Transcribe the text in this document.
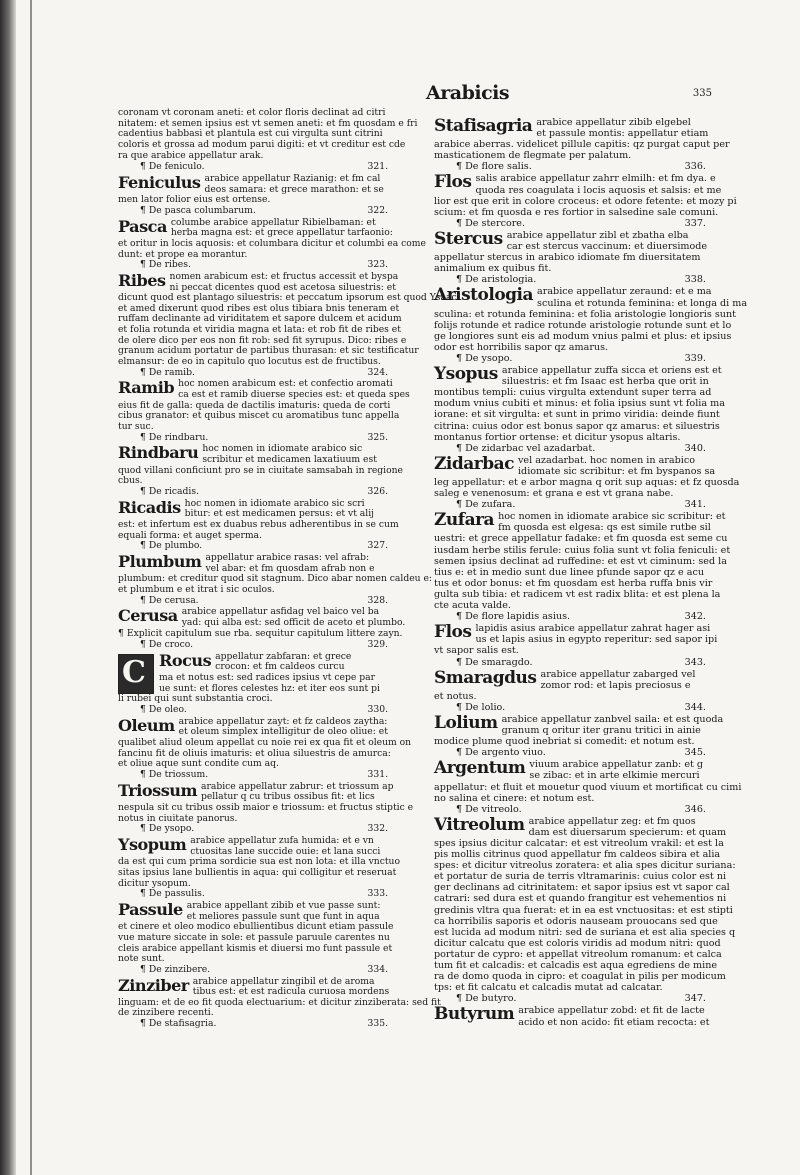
Arabicis	335
coronam vt coronam aneti: et color floris declinat ad citri
nitatem: et semen ipsius est vt semen aneti: et fm quosdam e fri
cadentius babbasi et plantula est cui virgulta sunt citrini
coloris et grossa ad modum parui digiti: et vt creditur est cde
ra que arabice appellatur arak.
¶ De feniculo.	321.
Feniculus arabice appellatur Razianig: et fm cal
deos samara: et grece marathon: et se
men lator folior eius est ortense.
¶ De pasca columbarum.	322.
Pasca columbe arabice appellatur Ribielbaman: et
herba magna est: et grece appellatur tarfaonio:
et oritur in locis aquosis: et columbara dicitur et columbi ea come
dunt: et prope ea morantur.
¶ De ribes.	323.
Ribes nomen arabicum est: et fructus accessit et byspa
ni peccat dicentes quod est acetosa siluestris: et
dicunt quod est plantago siluestris: et peccatum ipsorum est quod Ysaac
et amed dixerunt quod ribes est olus tibiara bnis teneram et
ruffam declinante ad viriditatem et sapore dulcem et acidum
et folia rotunda et viridia magna et lata: et rob fit de ribes et
de olere dico per eos non fit rob: sed fit syrupus. Dico: ribes e
granum acidum portatur de partibus thurasan: et sic testificatur
elmansur: de eo in capitulo quo locutus est de fructibus.
¶ De ramib.	324.
Ramib hoc nomen arabicum est: et confectio aromati
ca est et ramib diuerse species est: et queda spes
eius fit de galla: queda de dactilis imaturis: queda de corti
cibus granator: et quibus miscet cu aromatibus tunc appella
tur suc.
¶ De rindbaru.	325.
Rindbaru hoc nomen in idiomate arabico sic
scribitur et medicamen laxatiuum est
quod villani conficiunt pro se in ciuitate samsabah in regione
cbus.
¶ De ricadis.	326.
Ricadis hoc nomen in idiomate arabico sic scri
bitur: et est medicamen persus: et vt alij
est: et infertum est ex duabus rebus adherentibus in se cum
equali forma: et auget sperma.
¶ De plumbo.	327.
Plumbum appellatur arabice rasas: vel afrab:
vel abar: et fm quosdam afrab non e
plumbum: et creditur quod sit stagnum. Dico abar nomen caldeu e:
et plumbum e et itrat i sic oculos.
¶ De cerusa.	328.
Cerusa arabice appellatur asfidag vel baico vel ba
yad: qui alba est: sed officit de aceto et plumbo.
¶ Explicit capitulum sue rba. sequitur capitulum littere zayn.
¶ De croco.	329.
C Rocus appellatur zabfaran: et grece
crocon: et fm caldeos curcu
ma et notus est: sed radices ipsius vt cepe par
ue sunt: et flores celestes hz: et iter eos sunt pi
li rubei qui sunt substantia croci.
¶ De oleo.	330.
Oleum arabice appellatur zayt: et fz caldeos zaytha:
et oleum simplex intelligitur de oleo oliue: et
qualibet aliud oleum appellat cu noie rei ex qua fit et oleum on
fancinu fit de oliuis imaturis: et oliua siluestris de amurca:
et oliue aque sunt condite cum aq.
¶ De triossum.	331.
Triossum arabice appellatur zabrur: et triossum ap
pellatur q cu tribus ossibus fit: et lics
nespula sit cu tribus ossib maior e triossum: et fructus stiptic e
notus in ciuitate panorus.
¶ De ysopo.	332.
Ysopum arabice appellatur zufa humida: et e vn
ctuositas lane succide ouie: et lana succi
da est qui cum prima sordicie sua est non lota: et illa vnctuo
sitas ipsius lane bullientis in aqua: qui colligitur et reseruat
dicitur ysopum.
¶ De passulis.	333.
Passule arabice appellant zibib et vue passe sunt:
et meliores passule sunt que funt in aqua
et cinere et oleo modico ebullientibus dicunt etiam passule
vue mature siccate in sole: et passule paruule carentes nu
cleis arabice appellant kismis et diuersi mo funt passule et
note sunt.
¶ De zinzibere.	334.
Zinziber arabice appellatur zingibil et de aroma
tibus est: et est radicula curuosa mordens
linguam: et de eo fit quoda electuarium: et dicitur zinziberata: sed fit
de zinzibere recenti.
¶ De stafisagria.	335.
Stafisagria arabice appellatur zibib elgebel
et passule montis: appellatur etiam
arabice aberras. videlicet pillule capitis: qz purgat caput per
masticationem de flegmate per palatum.
¶ De flore salis.	336.
Flos salis arabice appellatur zahrr elmilh: et fm dya. e
quoda res coagulata i locis aquosis et salsis: et me
lior est que erit in colore croceus: et odore fetente: et mozy pi
scium: et fm quosda e res fortior in salsedine sale comuni.
¶ De stercore.	337.
Stercus arabice appellatur zibl et zbatha elba
car est stercus vaccinum: et diuersimode
appellatur stercus in arabico idiomate fm diuersitatem
animalium ex quibus fit.
¶ De aristologia.	338.
Aristologia arabice appellatur zeraund: et e ma
sculina et rotunda feminina: et longa di ma
sculina: et rotunda feminina: et folia aristologie longioris sunt
folijs rotunde et radice rotunde aristologie rotunde sunt et lo
ge longiores sunt eis ad modum vnius palmi et plus: et ipsius
odor est horribilis sapor qz amarus.
¶ De ysopo.	339.
Ysopus arabice appellatur zuffa sicca et oriens est et
siluestris: et fm Isaac est herba que orit in
montibus templi: cuius virgulta extendunt super terra ad
modum vnius cubiti et minus: et folia ipsius sunt vt folia ma
iorane: et sit virgulta: et sunt in primo viridia: deinde fiunt
citrina: cuius odor est bonus sapor qz amarus: et siluestris
montanus fortior ortense: et dicitur ysopus altaris.
¶ De zidarbac vel azadarbat.	340.
Zidarbac vel azadarbat. hoc nomen in arabico
idiomate sic scribitur: et fm byspanos sa
leg appellatur: et e arbor magna q orit sup aquas: et fz quosda
saleg e venenosum: et grana e est vt grana nabe.
¶ De zufara.	341.
Zufara hoc nomen in idiomate arabice sic scribitur: et
fm quosda est elgesa: qs est simile rutbe sil
uestri: et grece appellatur fadake: et fm quosda est seme cu
iusdam herbe stilis ferule: cuius folia sunt vt folia feniculi: et
semen ipsius declinat ad ruffedine: et est vt ciminum: sed la
tius e: et in medio sunt due linee pfunde sapor qz e acu
tus et odor bonus: et fm quosdam est herba ruffa bnis vir
gulta sub tibia: et radicem vt est radix blita: et est plena la
cte acuta valde.
¶ De flore lapidis asius.	342.
Flos lapidis asius arabice appellatur zahrat hager asi
us et lapis asius in egypto reperitur: sed sapor ipi
vt sapor salis est.
¶ De smaragdo.	343.
Smaragdus arabice appellatur zabarged vel
zomor rod: et lapis preciosus e
et notus.
¶ De lolio.	344.
Lolium arabice appellatur zanbvel saila: et est quoda
granum q oritur iter granu tritici in ainie
modice plume quod inebriat si comedit: et notum est.
¶ De argento viuo.	345.
Argentum viuum arabice appellatur zanb: et g
se zibac: et in arte elkimie mercuri
appellatur: et fluit et mouetur quod viuum et mortificat cu cimi
no salina et cinere: et notum est.
¶ De vitreolo.	346.
Vitreolum arabice appellatur zeg: et fm quos
dam est diuersarum specierum: et quam
spes ipsius dicitur calcatar: et est vitreolum vrakil: et est la
pis mollis citrinus quod appellatur fm caldeos sibira et alia
spes: et dicitur vitreolus zoratera: et alia spes dicitur suriana:
et portatur de suria de terris vltramarinis: cuius color est ni
ger declinans ad citrinitatem: et sapor ipsius est vt sapor cal
catrari: sed dura est et quando frangitur est vehementios ni
gredinis vltra qua fuerat: et in ea est vnctuositas: et est stipti
ca horribilis saporis et odoris nauseam prouocans sed que
est lucida ad modum nitri: sed de suriana et est alia species q
dicitur calcatu que est coloris viridis ad modum nitri: quod
portatur de cypro: et appellat vitreolum romanum: et calca
tum fit et calcadis: et calcadis est aqua egrediens de mine
ra de domo quoda in cipro: et coagulat in pilis per modicum
tps: et fit calcatu et calcadis mutat ad calcatar.
¶ De butyro.	347.
Butyrum arabice appellatur zobd: et fit de lacte
acido et non acido: fit etiam recocta: et
